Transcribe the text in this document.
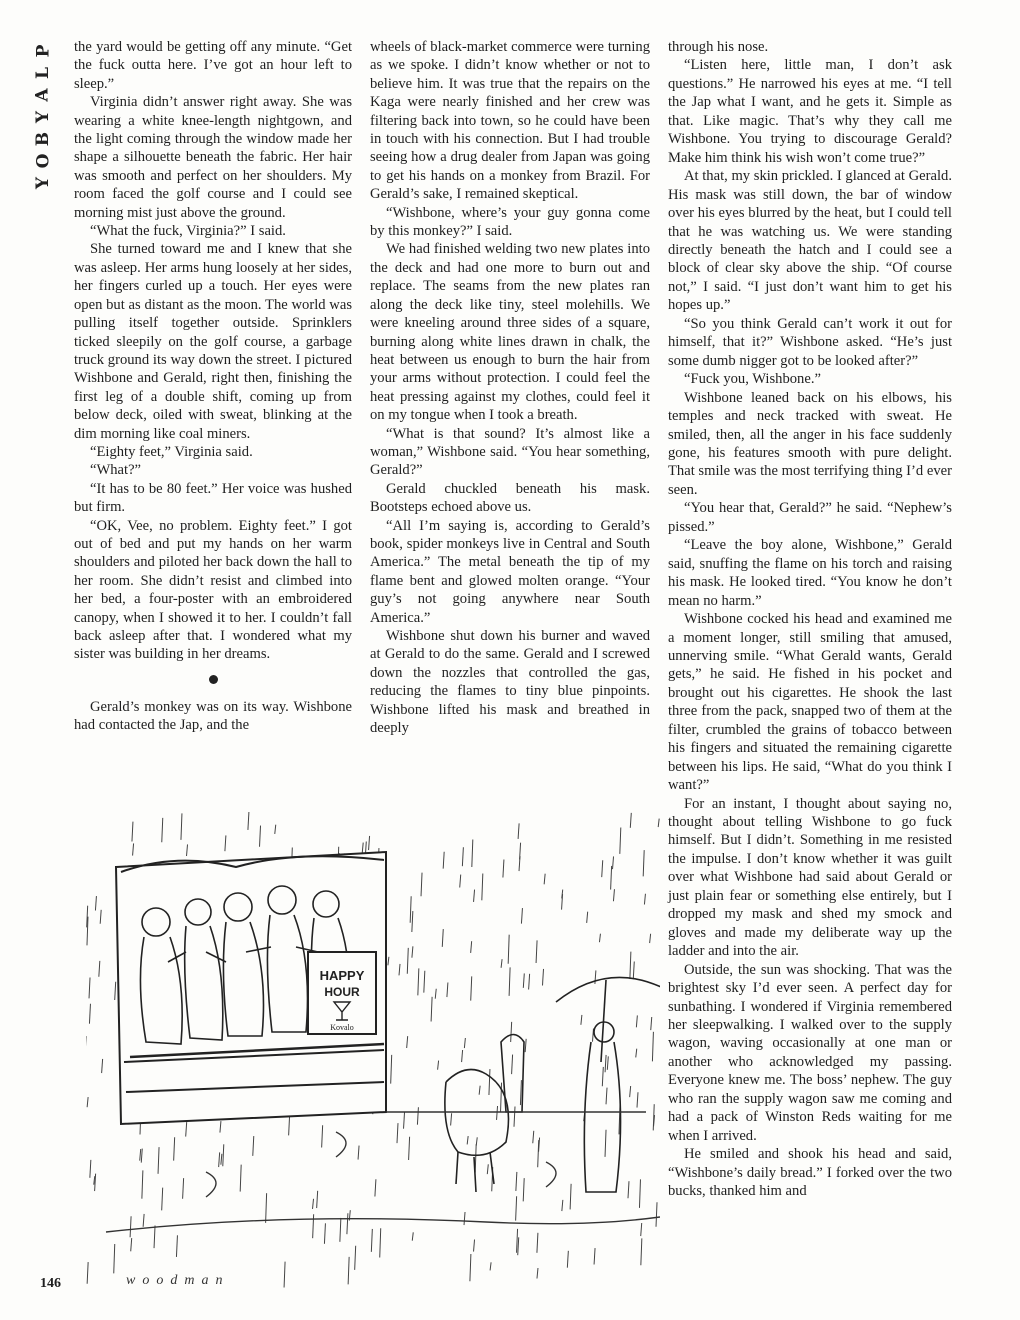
P
L
A
Y
B
O
Y

the yard would be getting off any minute. “Get the fuck outta here. I’ve got an hour left to sleep.”

Virginia didn’t answer right away. She was wearing a white knee-length nightgown, and the light coming through the window made her shape a silhouette beneath the fabric. Her hair was smooth and perfect on her shoulders. My room faced the golf course and I could see morning mist just above the ground.

“What the fuck, Virginia?” I said.

She turned toward me and I knew that she was asleep. Her arms hung loosely at her sides, her fingers curled up a touch. Her eyes were open but as distant as the moon. The world was pulling itself together outside. Sprinklers ticked sleepily on the golf course, a garbage truck ground its way down the street. I pictured Wishbone and Gerald, right then, finishing the first leg of a double shift, coming up from below deck, oiled with sweat, blinking at the dim morning like coal miners.

“Eighty feet,” Virginia said.

“What?”

“It has to be 80 feet.” Her voice was hushed but firm.

“OK, Vee, no problem. Eighty feet.” I got out of bed and put my hands on her warm shoulders and piloted her back down the hall to her room. She didn’t resist and climbed into her bed, a four-poster with an embroidered canopy, when I showed it to her. I couldn’t fall back asleep after that. I wondered what my sister was building in her dreams.

Gerald’s monkey was on its way. Wishbone had contacted the Jap, and the

wheels of black-market commerce were turning as we spoke. I didn’t know whether or not to believe him. It was true that the repairs on the Kaga were nearly finished and her crew was filtering back into town, so he could have been in touch with his connection. But I had trouble seeing how a drug dealer from Japan was going to get his hands on a monkey from Brazil. For Gerald’s sake, I remained skeptical.

“Wishbone, where’s your guy gonna come by this monkey?” I said.

We had finished welding two new plates into the deck and had one more to burn out and replace. The seams from the new plates ran along the deck like tiny, steel molehills. We were kneeling around three sides of a square, burning along white lines drawn in chalk, the heat between us enough to burn the hair from your arms without protection. I could feel the heat pressing against my clothes, could feel it on my tongue when I took a breath.

“What is that sound? It’s almost like a woman,” Wishbone said. “You hear something, Gerald?”

Gerald chuckled beneath his mask. Bootsteps echoed above us.

“All I’m saying is, according to Gerald’s book, spider monkeys live in Central and South America.” The metal beneath the tip of my flame bent and glowed molten orange. “Your guy’s not going anywhere near South America.”

Wishbone shut down his burner and waved at Gerald to do the same. Gerald and I screwed down the nozzles that controlled the gas, reducing the flames to tiny blue pinpoints. Wishbone lifted his mask and breathed in deeply

through his nose.

“Listen here, little man, I don’t ask questions.” He narrowed his eyes at me. “I tell the Jap what I want, and he gets it. Simple as that. Like magic. That’s why they call me Wishbone. You trying to discourage Gerald? Make him think his wish won’t come true?”

At that, my skin prickled. I glanced at Gerald. His mask was still down, the bar of window over his eyes blurred by the heat, but I could tell that he was watching us. We were standing directly beneath the hatch and I could see a block of clear sky above the ship. “Of course not,” I said. “I just don’t want him to get his hopes up.”

“So you think Gerald can’t work it out for himself, that it?” Wishbone asked. “He’s just some dumb nigger got to be looked after?”

“Fuck you, Wishbone.”

Wishbone leaned back on his elbows, his temples and neck tracked with sweat. He smiled, then, all the anger in his face suddenly gone, his features smooth with pure delight. That smile was the most terrifying thing I’d ever seen.

“You hear that, Gerald?” he said. “Nephew’s pissed.”

“Leave the boy alone, Wishbone,” Gerald said, snuffing the flame on his torch and raising his mask. He looked tired. “You know he don’t mean no harm.”

Wishbone cocked his head and examined me a moment longer, still smiling that amused, unnerving smile. “What Gerald wants, Gerald gets,” he said. He fished in his pocket and brought out his cigarettes. He shook the last three from the pack, snapped two of them at the filter, crumbled the grains of tobacco between his fingers and situated the remaining cigarette between his lips. He said, “What do you think I want?”

For an instant, I thought about saying no, thought about telling Wishbone to go fuck himself. But I didn’t. Something in me resisted the impulse. I don’t know whether it was guilt over what Wishbone had said about Gerald or just plain fear or something else entirely, but I dropped my mask and shed my smock and gloves and made my deliberate way up the ladder and into the air.

Outside, the sun was shocking. That was the brightest sky I’d ever seen. A perfect day for sunbathing. I wondered if Virginia remembered her sleepwalking. I walked over to the supply wagon, waving occasionally at one man or another who acknowledged my passing. Everyone knew me. The boss’ nephew. The guy who ran the supply wagon saw me coming and had a pack of Winston Reds waiting for me when I arrived.

He smiled and shook his head and said, “Wishbone’s daily bread.” I forked over the two bucks, thanked him and

HAPPY
HOUR
Kovalo
woodman
146
